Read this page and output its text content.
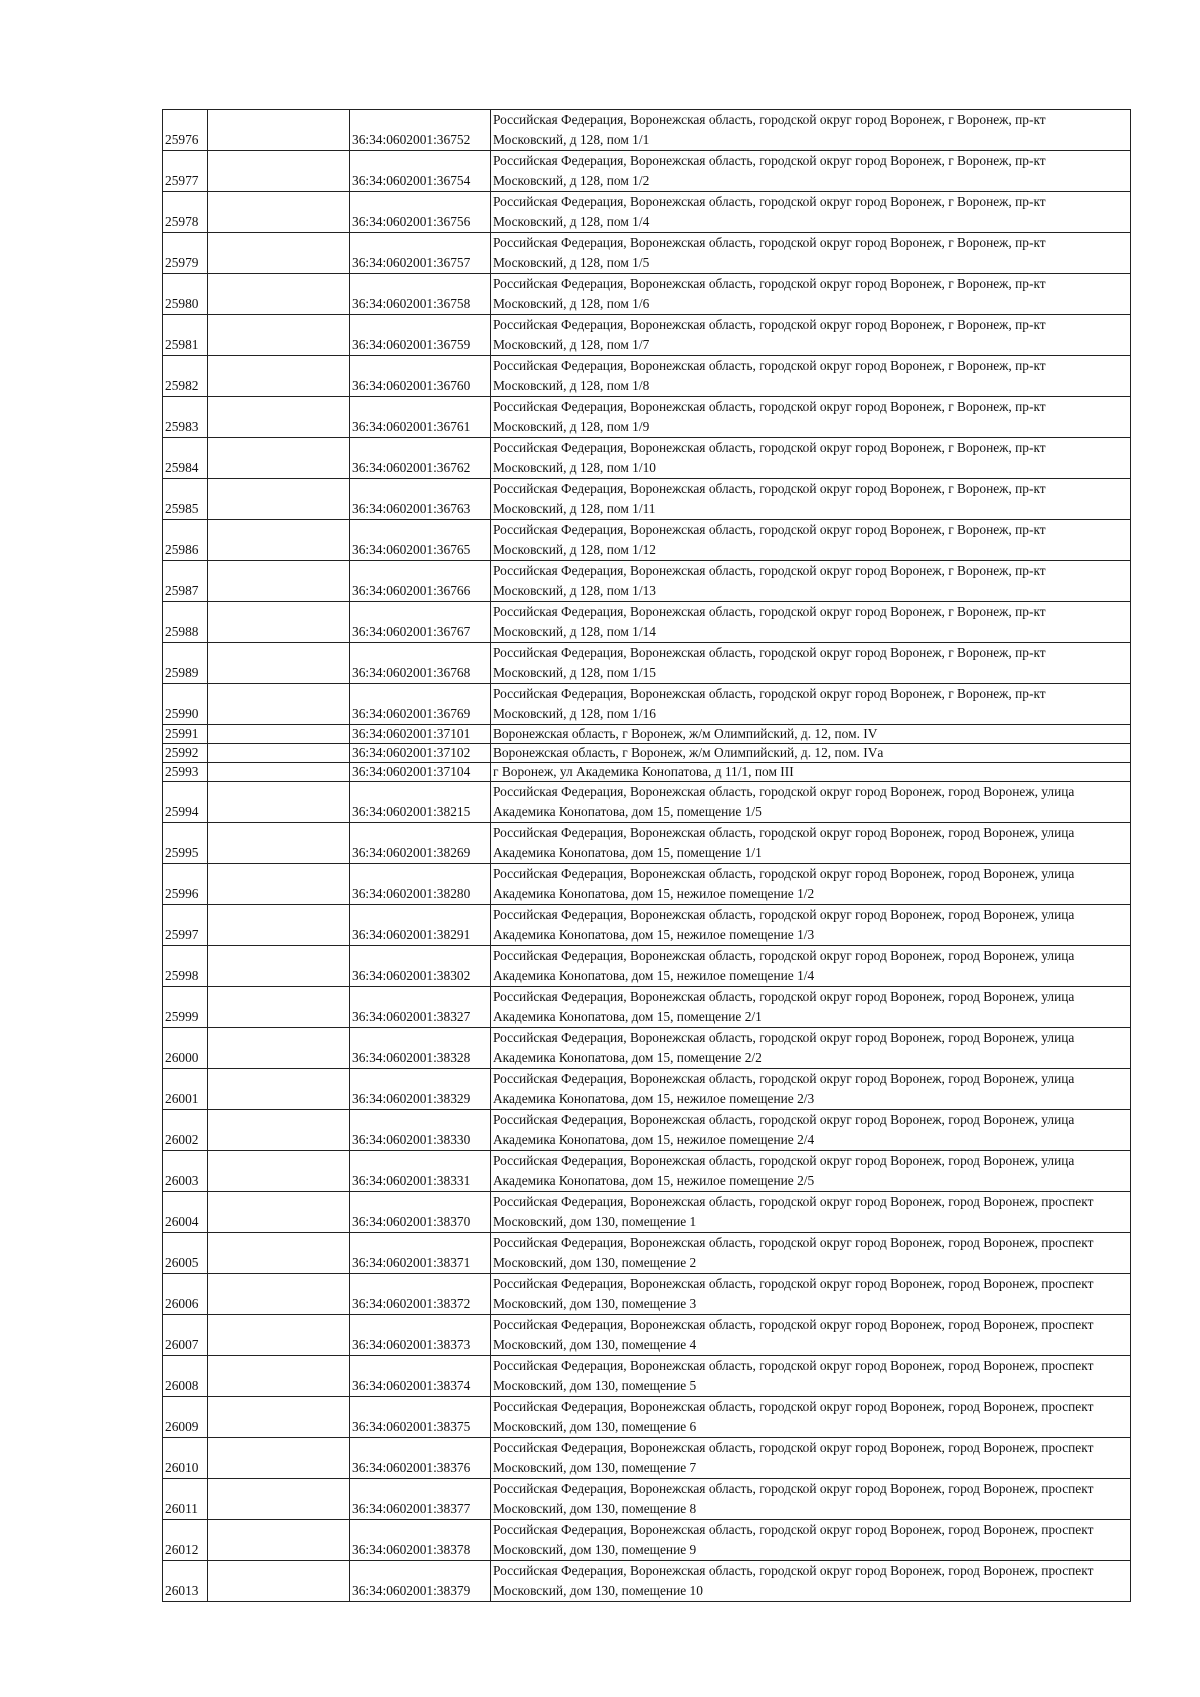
25976		36:34:0602001:36752	Российская Федерация, Воронежская область, городской округ город Воронеж, г Воронеж, пр-кт Московский, д 128, пом 1/1
25977		36:34:0602001:36754	Российская Федерация, Воронежская область, городской округ город Воронеж, г Воронеж, пр-кт Московский, д 128, пом 1/2
25978		36:34:0602001:36756	Российская Федерация, Воронежская область, городской округ город Воронеж, г Воронеж, пр-кт Московский, д 128, пом 1/4
25979		36:34:0602001:36757	Российская Федерация, Воронежская область, городской округ город Воронеж, г Воронеж, пр-кт Московский, д 128, пом 1/5
25980		36:34:0602001:36758	Российская Федерация, Воронежская область, городской округ город Воронеж, г Воронеж, пр-кт Московский, д 128, пом 1/6
25981		36:34:0602001:36759	Российская Федерация, Воронежская область, городской округ город Воронеж, г Воронеж, пр-кт Московский, д 128, пом 1/7
25982		36:34:0602001:36760	Российская Федерация, Воронежская область, городской округ город Воронеж, г Воронеж, пр-кт Московский, д 128, пом 1/8
25983		36:34:0602001:36761	Российская Федерация, Воронежская область, городской округ город Воронеж, г Воронеж, пр-кт Московский, д 128, пом 1/9
25984		36:34:0602001:36762	Российская Федерация, Воронежская область, городской округ город Воронеж, г Воронеж, пр-кт Московский, д 128, пом 1/10
25985		36:34:0602001:36763	Российская Федерация, Воронежская область, городской округ город Воронеж, г Воронеж, пр-кт Московский, д 128, пом 1/11
25986		36:34:0602001:36765	Российская Федерация, Воронежская область, городской округ город Воронеж, г Воронеж, пр-кт Московский, д 128, пом 1/12
25987		36:34:0602001:36766	Российская Федерация, Воронежская область, городской округ город Воронеж, г Воронеж, пр-кт Московский, д 128, пом 1/13
25988		36:34:0602001:36767	Российская Федерация, Воронежская область, городской округ город Воронеж, г Воронеж, пр-кт Московский, д 128, пом 1/14
25989		36:34:0602001:36768	Российская Федерация, Воронежская область, городской округ город Воронеж, г Воронеж, пр-кт Московский, д 128, пом 1/15
25990		36:34:0602001:36769	Российская Федерация, Воронежская область, городской округ город Воронеж, г Воронеж, пр-кт Московский, д 128, пом 1/16
25991		36:34:0602001:37101	Воронежская область, г Воронеж, ж/м Олимпийский, д. 12, пом. IV
25992		36:34:0602001:37102	Воронежская область, г Воронеж, ж/м Олимпийский, д. 12, пом. IVа
25993		36:34:0602001:37104	г Воронеж, ул Академика Конопатова, д 11/1, пом III
25994		36:34:0602001:38215	Российская Федерация, Воронежская область, городской округ город Воронеж, город Воронеж, улица Академика Конопатова, дом 15, помещение 1/5
25995		36:34:0602001:38269	Российская Федерация, Воронежская область, городской округ город Воронеж, город Воронеж, улица Академика Конопатова, дом 15, помещение 1/1
25996		36:34:0602001:38280	Российская Федерация, Воронежская область, городской округ город Воронеж, город Воронеж, улица Академика Конопатова, дом 15, нежилое помещение 1/2
25997		36:34:0602001:38291	Российская Федерация, Воронежская область, городской округ город Воронеж, город Воронеж, улица Академика Конопатова, дом 15, нежилое помещение 1/3
25998		36:34:0602001:38302	Российская Федерация, Воронежская область, городской округ город Воронеж, город Воронеж, улица Академика Конопатова, дом 15, нежилое помещение 1/4
25999		36:34:0602001:38327	Российская Федерация, Воронежская область, городской округ город Воронеж, город Воронеж, улица Академика Конопатова, дом 15, помещение 2/1
26000		36:34:0602001:38328	Российская Федерация, Воронежская область, городской округ город Воронеж, город Воронеж, улица Академика Конопатова, дом 15, помещение 2/2
26001		36:34:0602001:38329	Российская Федерация, Воронежская область, городской округ город Воронеж, город Воронеж, улица Академика Конопатова, дом 15, нежилое помещение 2/3
26002		36:34:0602001:38330	Российская Федерация, Воронежская область, городской округ город Воронеж, город Воронеж, улица Академика Конопатова, дом 15, нежилое помещение 2/4
26003		36:34:0602001:38331	Российская Федерация, Воронежская область, городской округ город Воронеж, город Воронеж, улица Академика Конопатова, дом 15, нежилое помещение 2/5
26004		36:34:0602001:38370	Российская Федерация, Воронежская область, городской округ город Воронеж, город Воронеж, проспект Московский, дом 130, помещение 1
26005		36:34:0602001:38371	Российская Федерация, Воронежская область, городской округ город Воронеж, город Воронеж, проспект Московский, дом 130, помещение 2
26006		36:34:0602001:38372	Российская Федерация, Воронежская область, городской округ город Воронеж, город Воронеж, проспект Московский, дом 130, помещение 3
26007		36:34:0602001:38373	Российская Федерация, Воронежская область, городской округ город Воронеж, город Воронеж, проспект Московский, дом 130, помещение 4
26008		36:34:0602001:38374	Российская Федерация, Воронежская область, городской округ город Воронеж, город Воронеж, проспект Московский, дом 130, помещение 5
26009		36:34:0602001:38375	Российская Федерация, Воронежская область, городской округ город Воронеж, город Воронеж, проспект Московский, дом 130, помещение 6
26010		36:34:0602001:38376	Российская Федерация, Воронежская область, городской округ город Воронеж, город Воронеж, проспект Московский, дом 130, помещение 7
26011		36:34:0602001:38377	Российская Федерация, Воронежская область, городской округ город Воронеж, город Воронеж, проспект Московский, дом 130, помещение 8
26012		36:34:0602001:38378	Российская Федерация, Воронежская область, городской округ город Воронеж, город Воронеж, проспект Московский, дом 130, помещение 9
26013		36:34:0602001:38379	Российская Федерация, Воронежская область, городской округ город Воронеж, город Воронеж, проспект Московский, дом 130, помещение 10
